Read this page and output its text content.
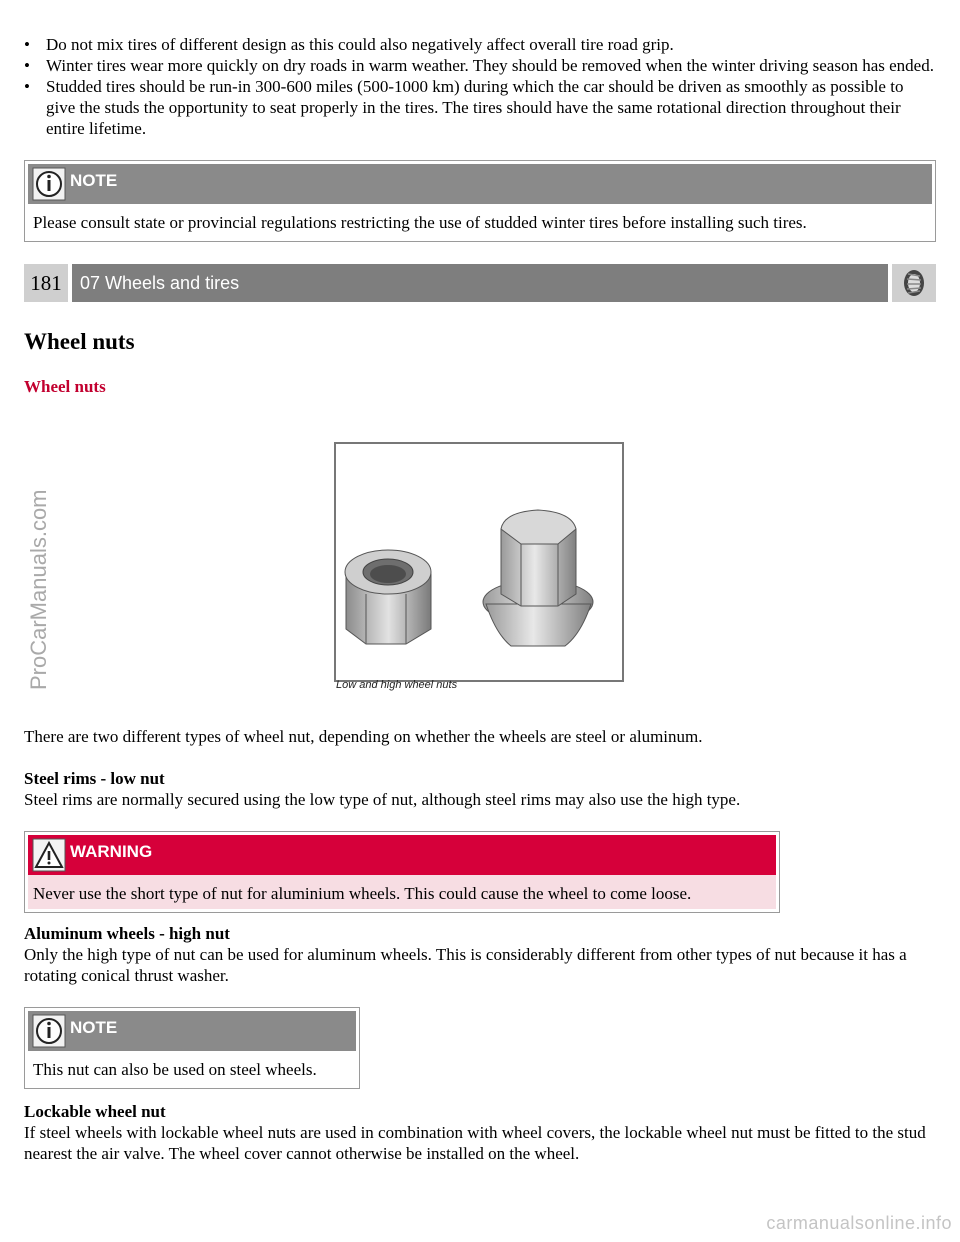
• Do not mix tires of different design as this could also negatively affect overall tire road grip.
• Winter tires wear more quickly on dry roads in warm weather. They should be removed when the winter driving season has ended.
• Studded tires should be run-in 300-600 miles (500-1000 km) during which the car should be driven as smoothly as possible to give the studs the opportunity to seat properly in the tires. The tires should have the same rotational direction throughout their entire lifetime.
NOTE
Please consult state or provincial regulations restricting the use of studded winter tires before installing such tires.
181	07 Wheels and tires
Wheel nuts
Wheel nuts
Low and high wheel nuts

There are two different types of wheel nut, depending on whether the wheels are steel or aluminum.

Steel rims - low nut

Steel rims are normally secured using the low type of nut, although steel rims may also use the high type.

WARNING
Never use the short type of nut for aluminium wheels. This could cause the wheel to come loose.

Aluminum wheels - high nut

Only the high type of nut can be used for aluminum wheels. This is considerably different from other types of nut because it has a rotating conical thrust washer.

NOTE
This nut can also be used on steel wheels.

Lockable wheel nut

If steel wheels with lockable wheel nuts are used in combination with wheel covers, the lockable wheel nut must be fitted to the stud nearest the air valve. The wheel cover cannot otherwise be installed on the wheel.

ProCarManuals.com
carmanualsonline.info
